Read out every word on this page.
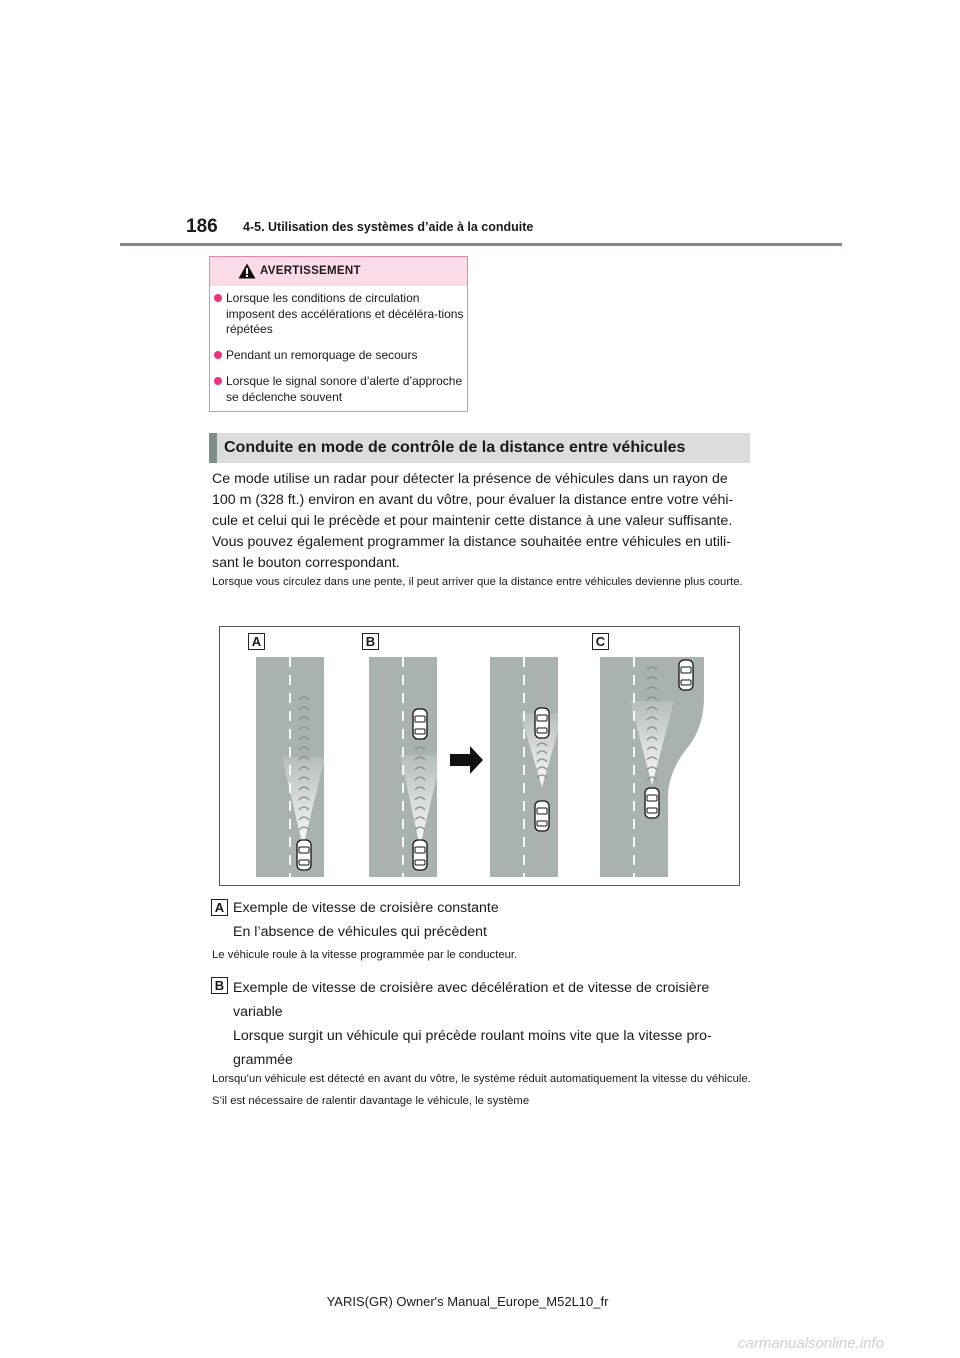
186 4-5. Utilisation des systèmes d’aide à la conduite
AVERTISSEMENT
Lorsque les conditions de circulation imposent des accélérations et décéléra-tions répétées
Pendant un remorquage de secours
Lorsque le signal sonore d’alerte d’approche se déclenche souvent
Conduite en mode de contrôle de la distance entre véhicules
Ce mode utilise un radar pour détecter la présence de véhicules dans un rayon de 100 m (328 ft.) environ en avant du vôtre, pour évaluer la distance entre votre véhi-cule et celui qui le précède et pour maintenir cette distance à une valeur suffisante. Vous pouvez également programmer la distance souhaitée entre véhicules en utili-sant le bouton correspondant.
Lorsque vous circulez dans une pente, il peut arriver que la distance entre véhicules devienne plus courte.
A	B	C
A Exemple de vitesse de croisière constante
En l’absence de véhicules qui précèdent
Le véhicule roule à la vitesse programmée par le conducteur.
B Exemple de vitesse de croisière avec décélération et de vitesse de croisière variable
Lorsque surgit un véhicule qui précède roulant moins vite que la vitesse pro-grammée
Lorsqu’un véhicule est détecté en avant du vôtre, le système réduit automatiquement la vitesse du véhicule. S’il est nécessaire de ralentir davantage le véhicule, le système
YARIS(GR) Owner's Manual_Europe_M52L10_fr
carmanualsonline.info
